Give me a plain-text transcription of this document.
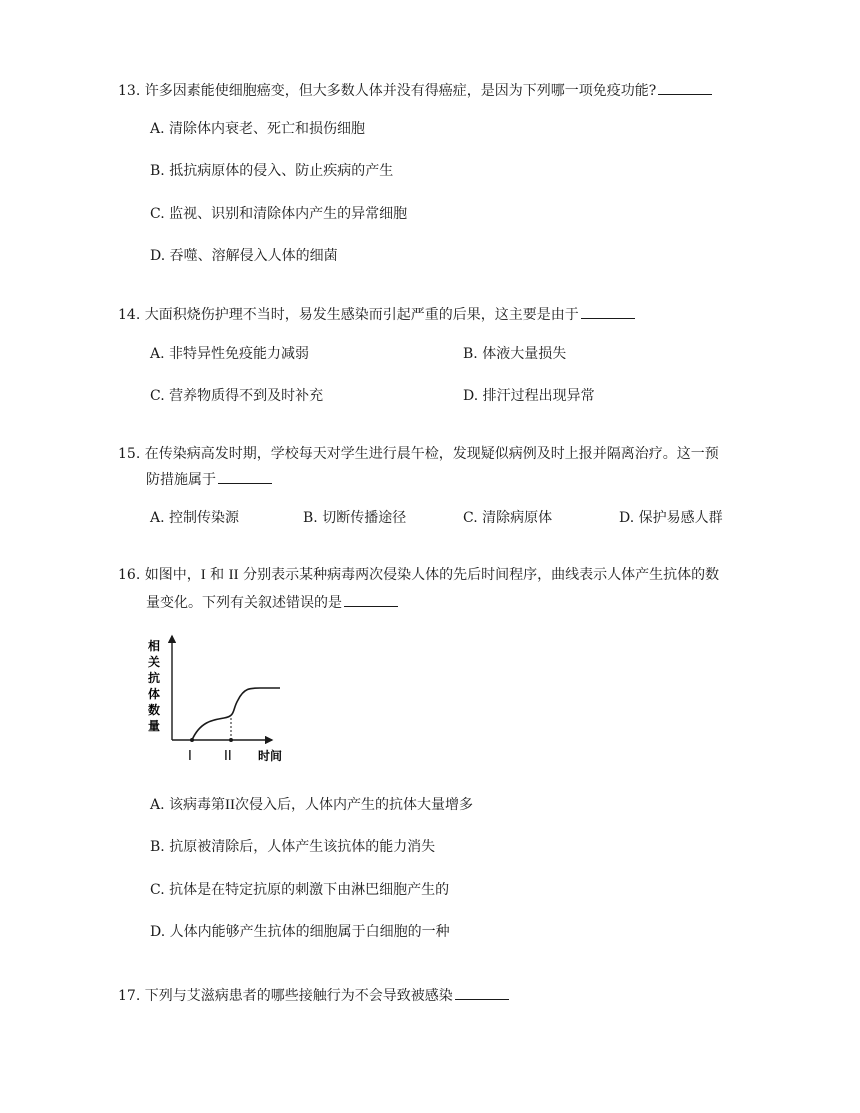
13. 许多因素能使细胞癌变，但大多数人体并没有得癌症，是因为下列哪一项免疫功能?
A. 清除体内衰老、死亡和损伤细胞
B. 抵抗病原体的侵入、防止疾病的产生
C. 监视、识别和清除体内产生的异常细胞
D. 吞噬、溶解侵入人体的细菌
14. 大面积烧伤护理不当时，易发生感染而引起严重的后果，这主要是由于
A. 非特异性免疫能力减弱	B. 体液大量损失
C. 营养物质得不到及时补充	D. 排汗过程出现异常
15. 在传染病高发时期，学校每天对学生进行晨午检，发现疑似病例及时上报并隔离治疗。这一预
防措施属于
A. 控制传染源	B. 切断传播途径	C. 清除病原体	D. 保护易感人群
16. 如图中，I 和 II 分别表示某种病毒两次侵染人体的先后时间程序，曲线表示人体产生抗体的数
量变化。下列有关叙述错误的是
相
关
抗
体
数
量
I II 时间
A. 该病毒第II次侵入后，人体内产生的抗体大量增多
B. 抗原被清除后，人体产生该抗体的能力消失
C. 抗体是在特定抗原的刺激下由淋巴细胞产生的
D. 人体内能够产生抗体的细胞属于白细胞的一种
17. 下列与艾滋病患者的哪些接触行为不会导致被感染
